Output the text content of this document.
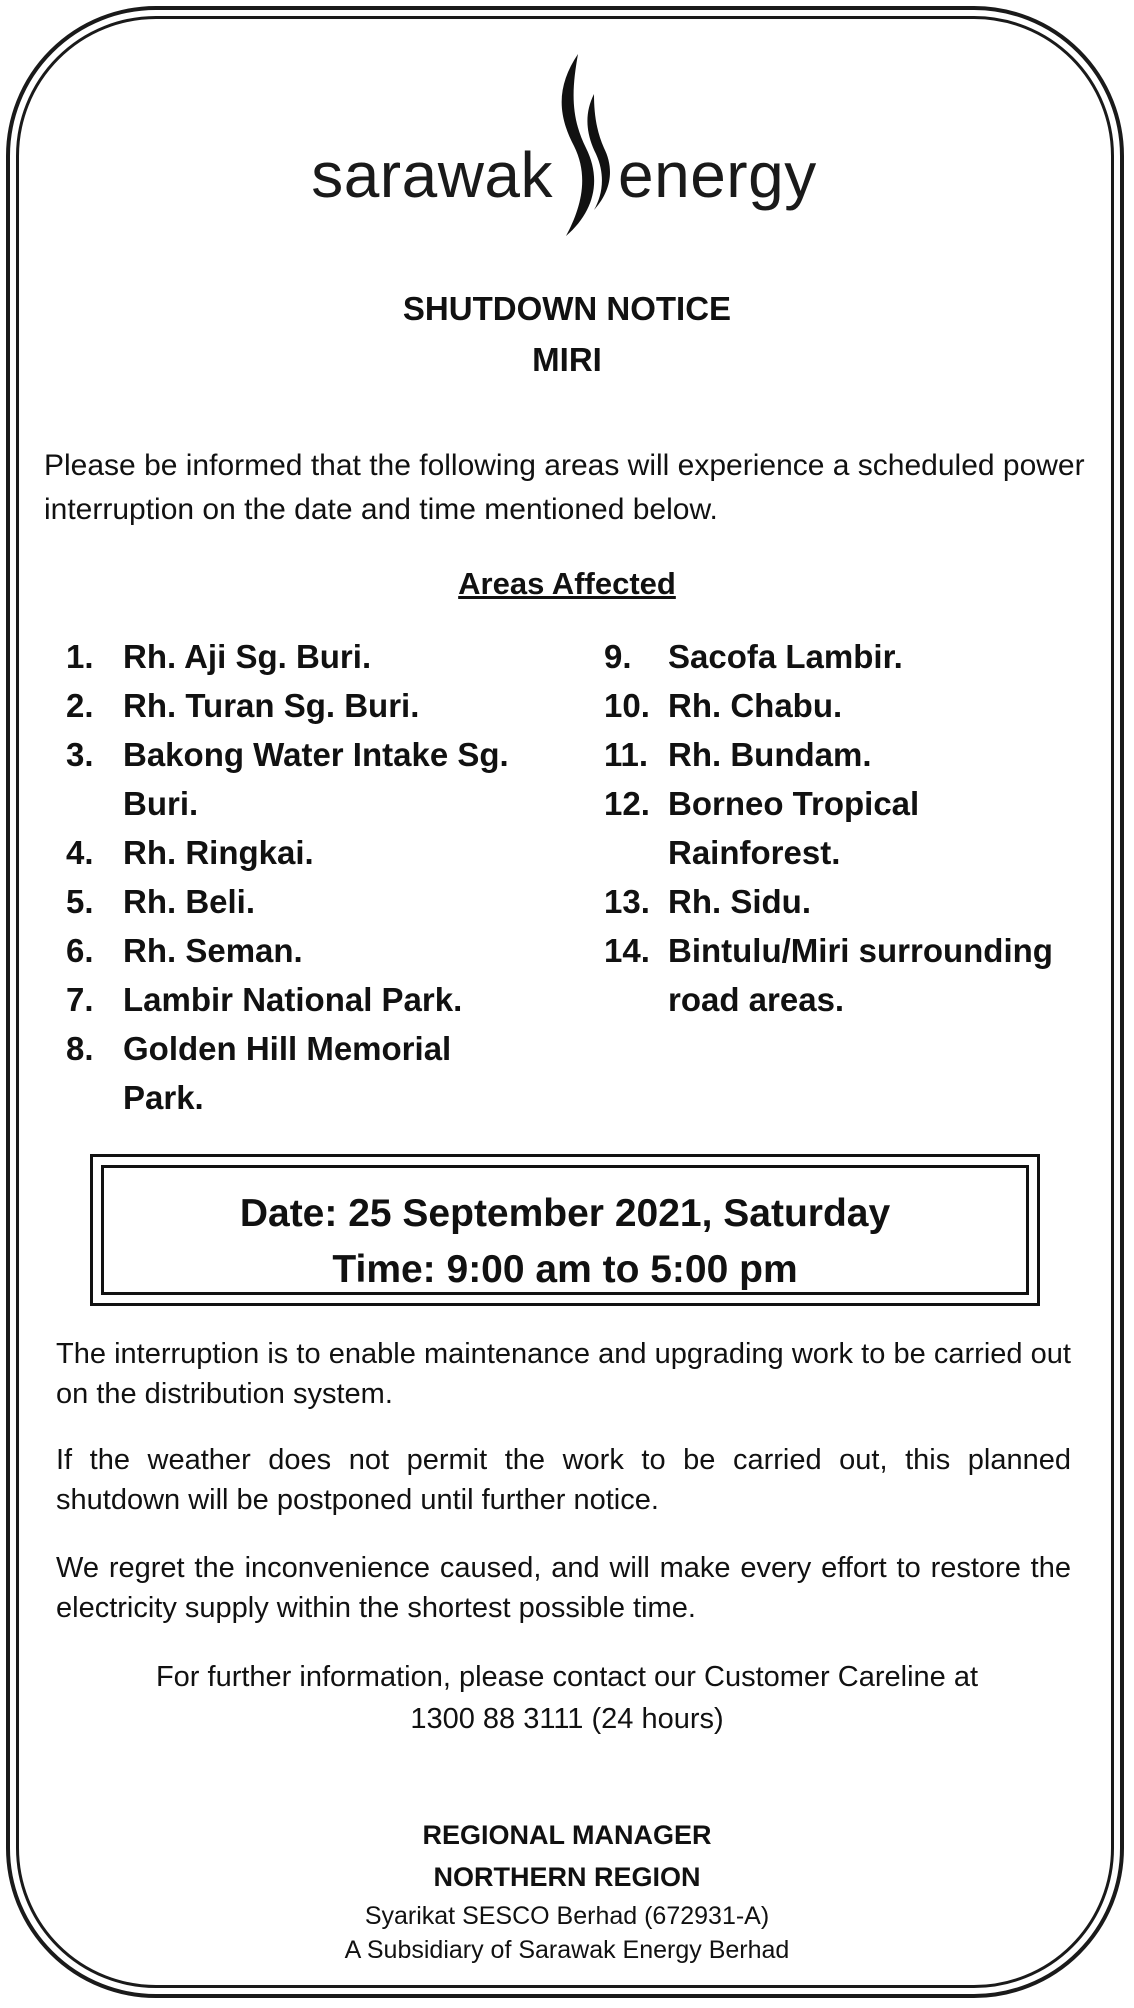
sarawak energy
SHUTDOWN NOTICE
MIRI
Please be informed that the following areas will experience a scheduled power interruption on the date and time mentioned below.
Areas Affected
1. Rh. Aji Sg. Buri.
2. Rh. Turan Sg. Buri.
3. Bakong Water Intake Sg. Buri.
4. Rh. Ringkai.
5. Rh. Beli.
6. Rh. Seman.
7. Lambir National Park.
8. Golden Hill Memorial Park.
9.	Sacofa Lambir.
10. Rh. Chabu.
11. Rh. Bundam.
12. Borneo Tropical Rainforest.
13. Rh. Sidu.
14. Bintulu/Miri surrounding road areas.
Date: 25 September 2021, Saturday
Time: 9:00 am to 5:00 pm
The interruption is to enable maintenance and upgrading work to be carried out on the distribution system.
If the weather does not permit the work to be carried out, this planned shutdown will be postponed until further notice.
We regret the inconvenience caused, and will make every effort to restore the electricity supply within the shortest possible time.
For further information, please contact our Customer Careline at
1300 88 3111 (24 hours)
REGIONAL MANAGER
NORTHERN REGION
Syarikat SESCO Berhad (672931-A)
A Subsidiary of Sarawak Energy Berhad
